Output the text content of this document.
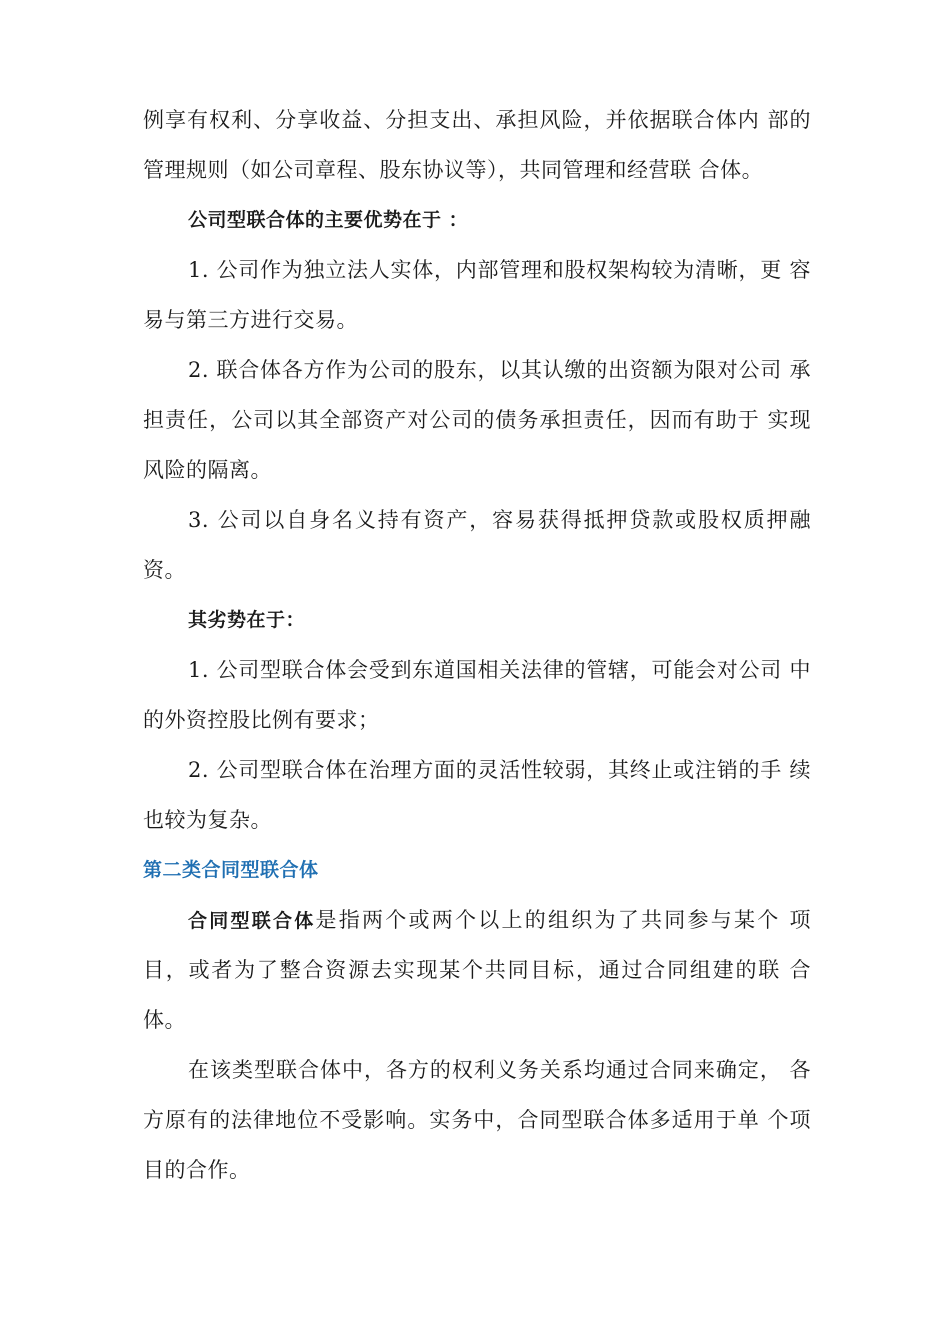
例享有权利、分享收益、分担支出、承担风险，并依据联合体内 部的
管理规则（如公司章程、股东协议等），共同管理和经营联 合体。
公司型联合体的主要优势在于 ：
1. 公司作为独立法人实体，内部管理和股权架构较为清晰，更 容
易与第三方进行交易。
2. 联合体各方作为公司的股东，以其认缴的出资额为限对公司 承
担责任，公司以其全部资产对公司的债务承担责任，因而有助于 实现
风险的隔离。
3. 公司以自身名义持有资产，容易获得抵押贷款或股权质押融
资。
其劣势在于：
1. 公司型联合体会受到东道国相关法律的管辖，可能会对公司 中
的外资控股比例有要求；
2. 公司型联合体在治理方面的灵活性较弱，其终止或注销的手 续
也较为复杂。
第二类合同型联合体
合同型联合体是指两个或两个以上的组织为了共同参与某个 项
目，或者为了整合资源去实现某个共同目标，通过合同组建的联 合
体。
在该类型联合体中，各方的权利义务关系均通过合同来确定， 各
方原有的法律地位不受影响。实务中，合同型联合体多适用于单 个项
目的合作。
